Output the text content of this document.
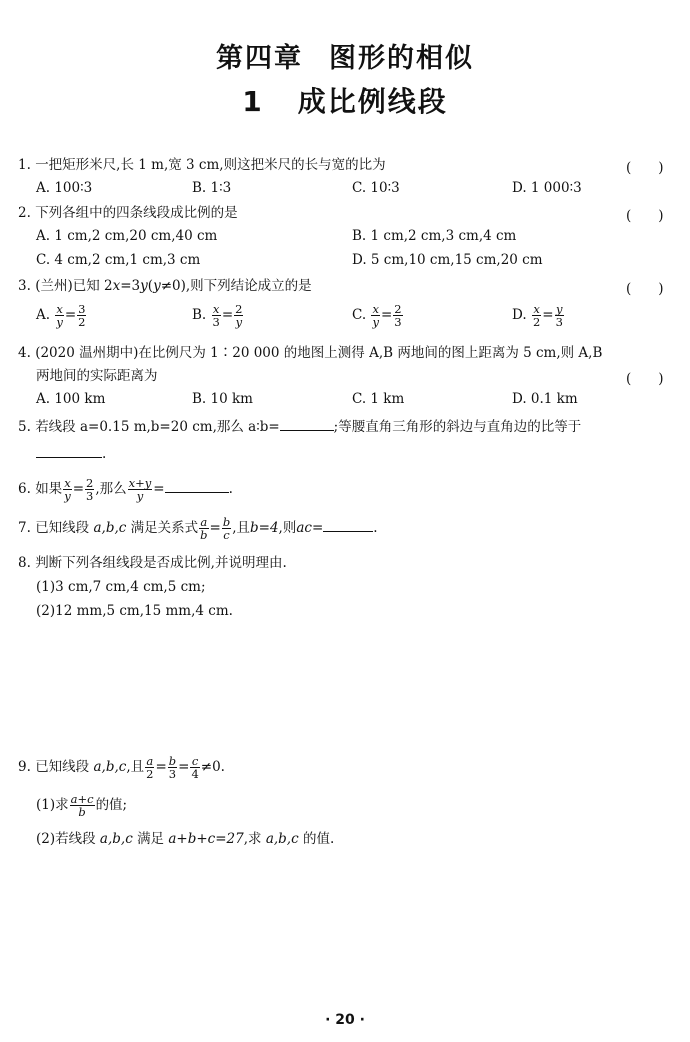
第四章 图形的相似
1 成比例线段
1. 一把矩形米尺,长 1 m,宽 3 cm,则这把米尺的长与宽的比为	(　　)
A. 100∶3	B. 1∶3	C. 10∶3	D. 1 000∶3
2. 下列各组中的四条线段成比例的是	(　　)
A. 1 cm,2 cm,20 cm,40 cm	B. 1 cm,2 cm,3 cm,4 cm
C. 4 cm,2 cm,1 cm,3 cm	D. 5 cm,10 cm,15 cm,20 cm
3. (兰州)已知 2x=3y(y≠0),则下列结论成立的是	(　　)
A. $\frac{x}{y} = \frac{3}{2}$	B. $\frac{x}{3} = \frac{2}{y}$	C. $\frac{x}{y} = \frac{2}{3}$	D. $\frac{x}{2} = \frac{y}{3}$
4. (2020 温州期中)在比例尺为 1∶20 000 的地图上测得 A,B 两地间的图上距离为 5 cm,则 A,B
两地间的实际距离为	(　　)
A. 100 km	B. 10 km	C. 1 km	D. 0.1 km
5. 若线段 a=0.15 m,b=20 cm,那么 a∶b=	;等腰直角三角形的斜边与直角边的比等于
.
6. 如果 $\frac{x}{y} = \frac{2}{3}$ ,那么 $\frac{x+y}{y}$ =	.
7. 已知线段 a,b,c 满足关系式 $\frac{a}{b} = \frac{b}{c}$ ,且b=4,则ac=	.
8. 判断下列各组线段是否成比例,并说明理由.
(1)3 cm,7 cm,4 cm,5 cm;
(2)12 mm,5 cm,15 mm,4 cm.
9. 已知线段 a,b,c,且 $\frac{a}{2} = \frac{b}{3} = \frac{c}{4} \ne 0$.
(1)求 $\frac{a+c}{b}$ 的值;
(2)若线段 a,b,c 满足 a+b+c=27,求 a,b,c 的值.
· 20 ·
